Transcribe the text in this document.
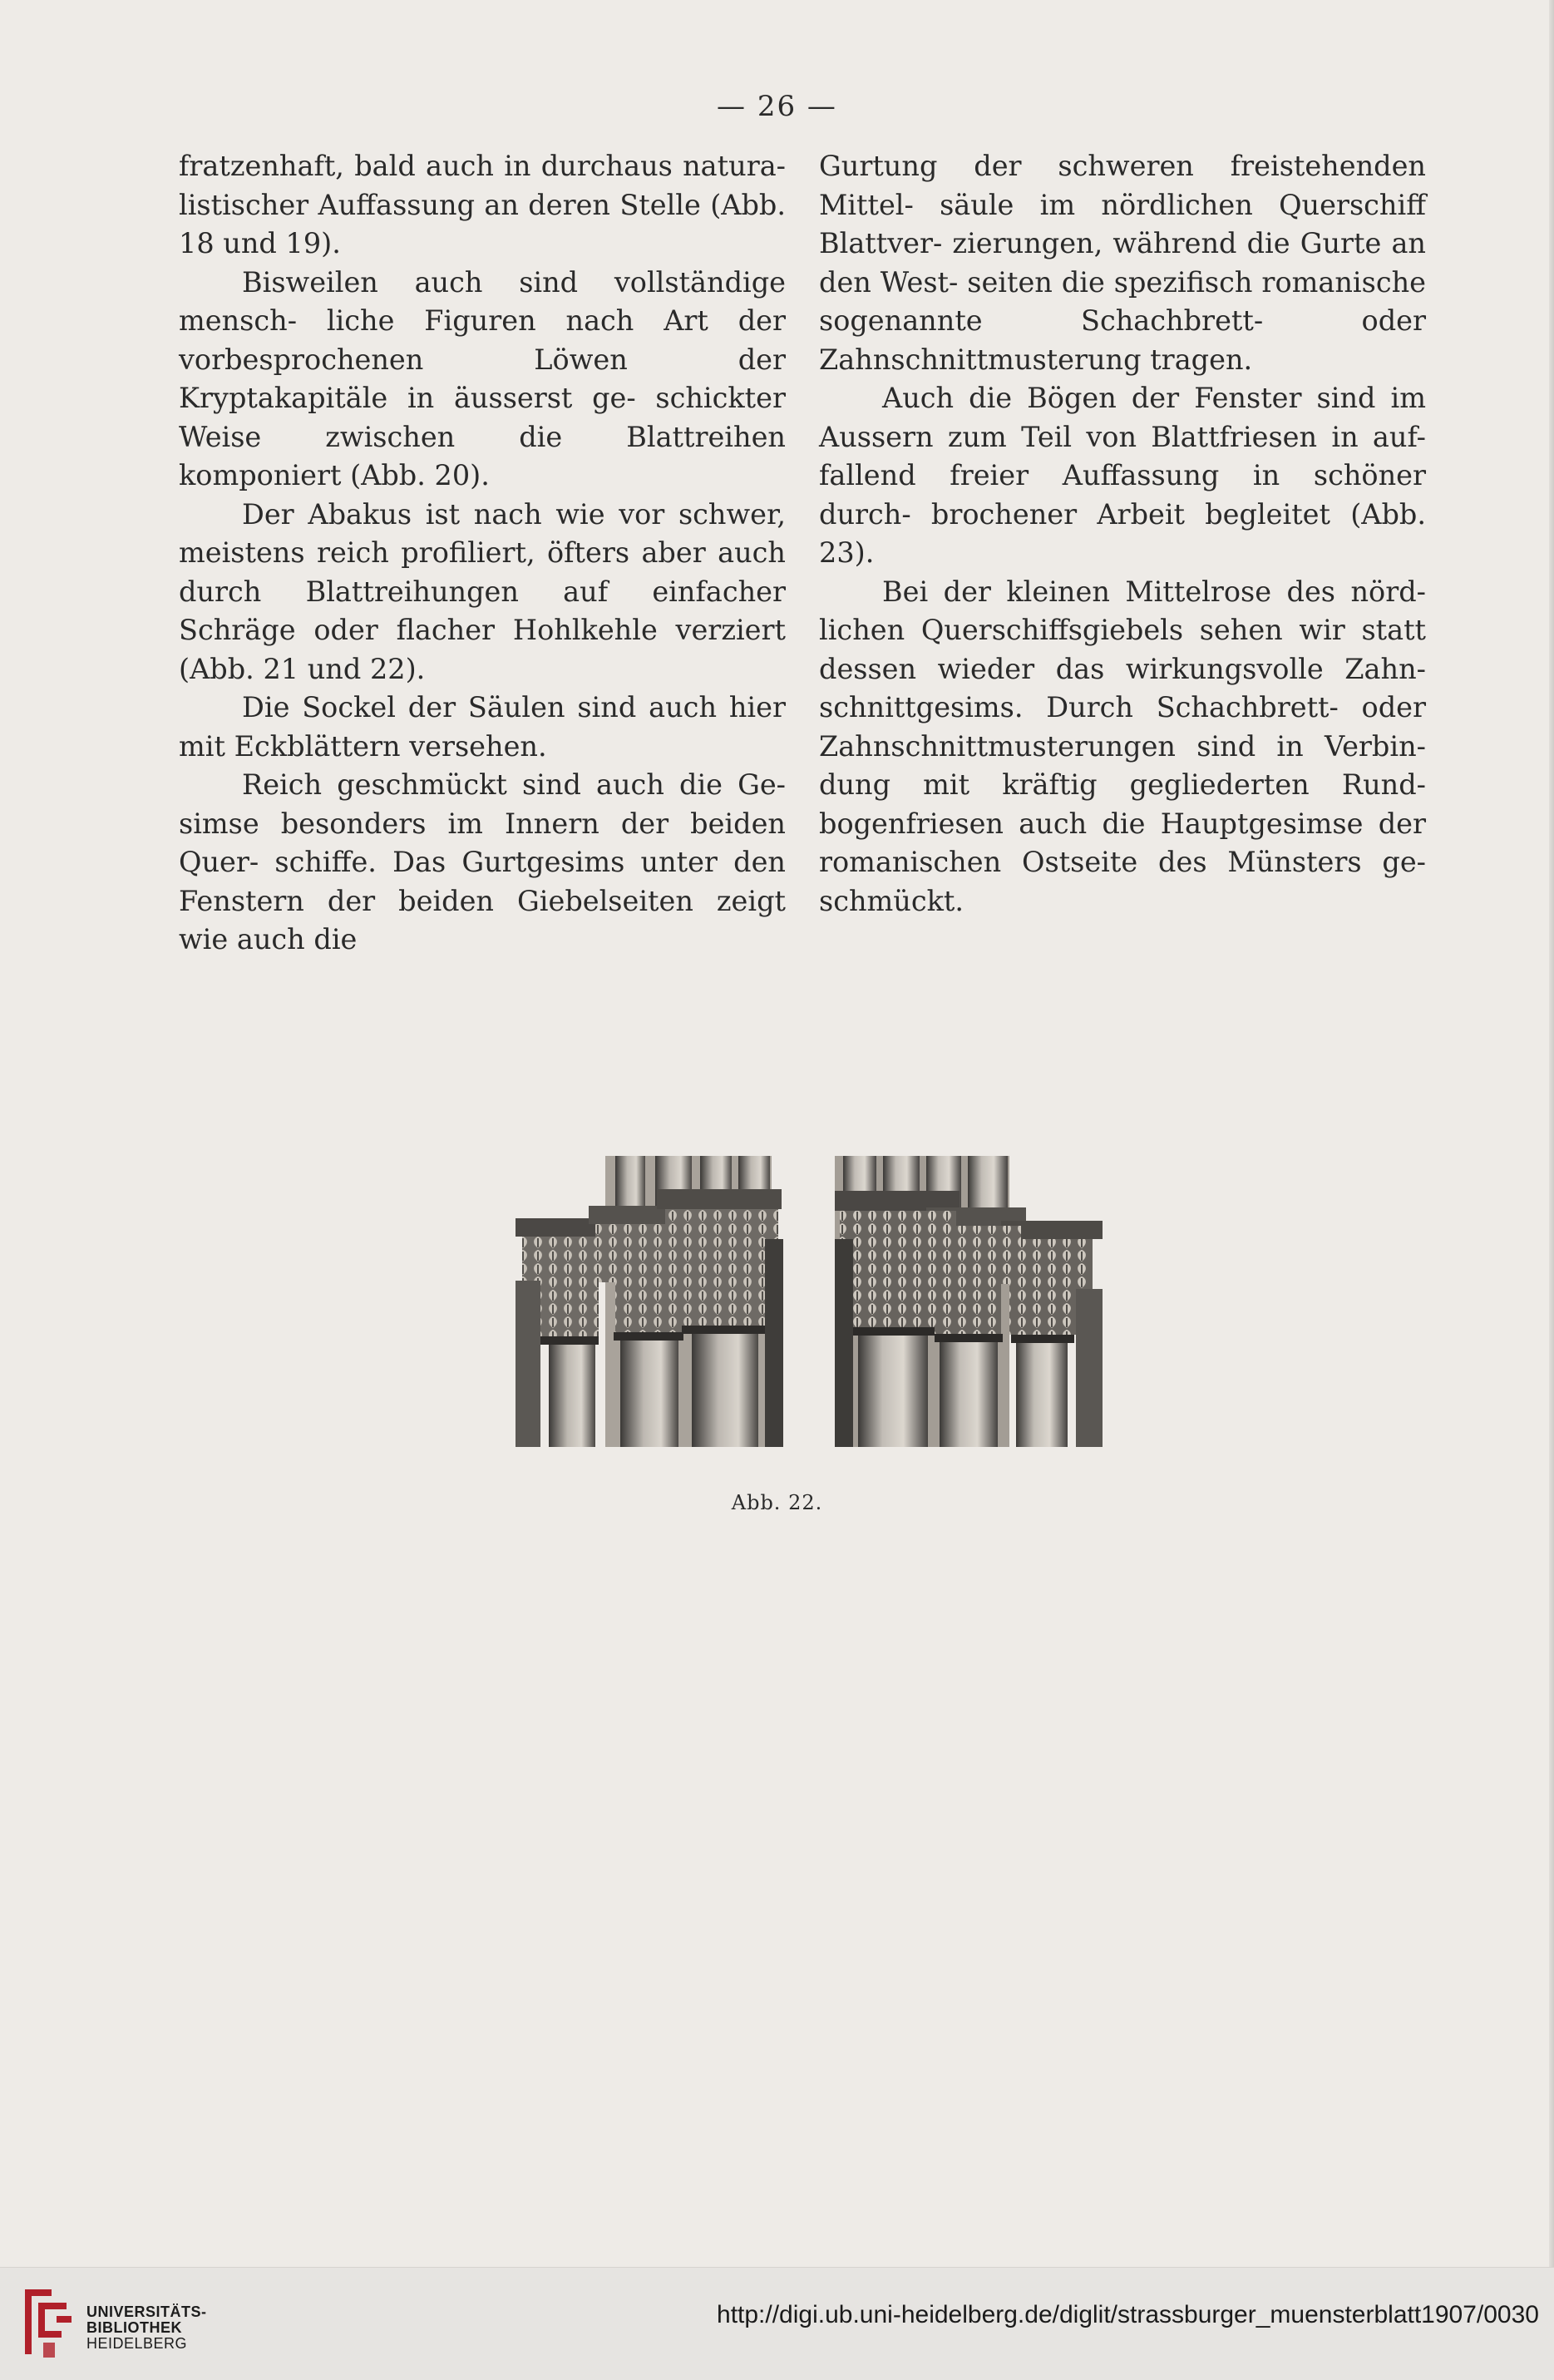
— 26 —

fratzenhaft, bald auch in durchaus natura- listischer Auffassung an deren Stelle (Abb. 18 und 19).

Bisweilen auch sind vollständige mensch- liche Figuren nach Art der vorbesprochenen Löwen der Kryptakapitäle in äusserst ge- schickter Weise zwischen die Blattreihen komponiert (Abb. 20).

Der Abakus ist nach wie vor schwer, meistens reich profiliert, öfters aber auch durch Blattreihungen auf einfacher Schräge oder flacher Hohlkehle verziert (Abb. 21 und 22).

Die Sockel der Säulen sind auch hier mit Eckblättern versehen.

Reich geschmückt sind auch die Ge- simse besonders im Innern der beiden Quer- schiffe. Das Gurtgesims unter den Fenstern der beiden Giebelseiten zeigt wie auch die

Gurtung der schweren freistehenden Mittel- säule im nördlichen Querschiff Blattver- zierungen, während die Gurte an den West- seiten die spezifisch romanische sogenannte Schachbrett- oder Zahnschnittmusterung tragen.

Auch die Bögen der Fenster sind im Aussern zum Teil von Blattfriesen in auf- fallend freier Auffassung in schöner durch- brochener Arbeit begleitet (Abb. 23).

Bei der kleinen Mittelrose des nörd- lichen Querschiffsgiebels sehen wir statt dessen wieder das wirkungsvolle Zahn- schnittgesims. Durch Schachbrett- oder Zahnschnittmusterungen sind in Verbin- dung mit kräftig gegliederten Rund- bogenfriesen auch die Hauptgesimse der romanischen Ostseite des Münsters ge- schmückt.

Abb. 22.
UNIVERSITÄTS-
BIBLIOTHEK
HEIDELBERG
http://digi.ub.uni-heidelberg.de/diglit/strassburger_muensterblatt1907/0030
